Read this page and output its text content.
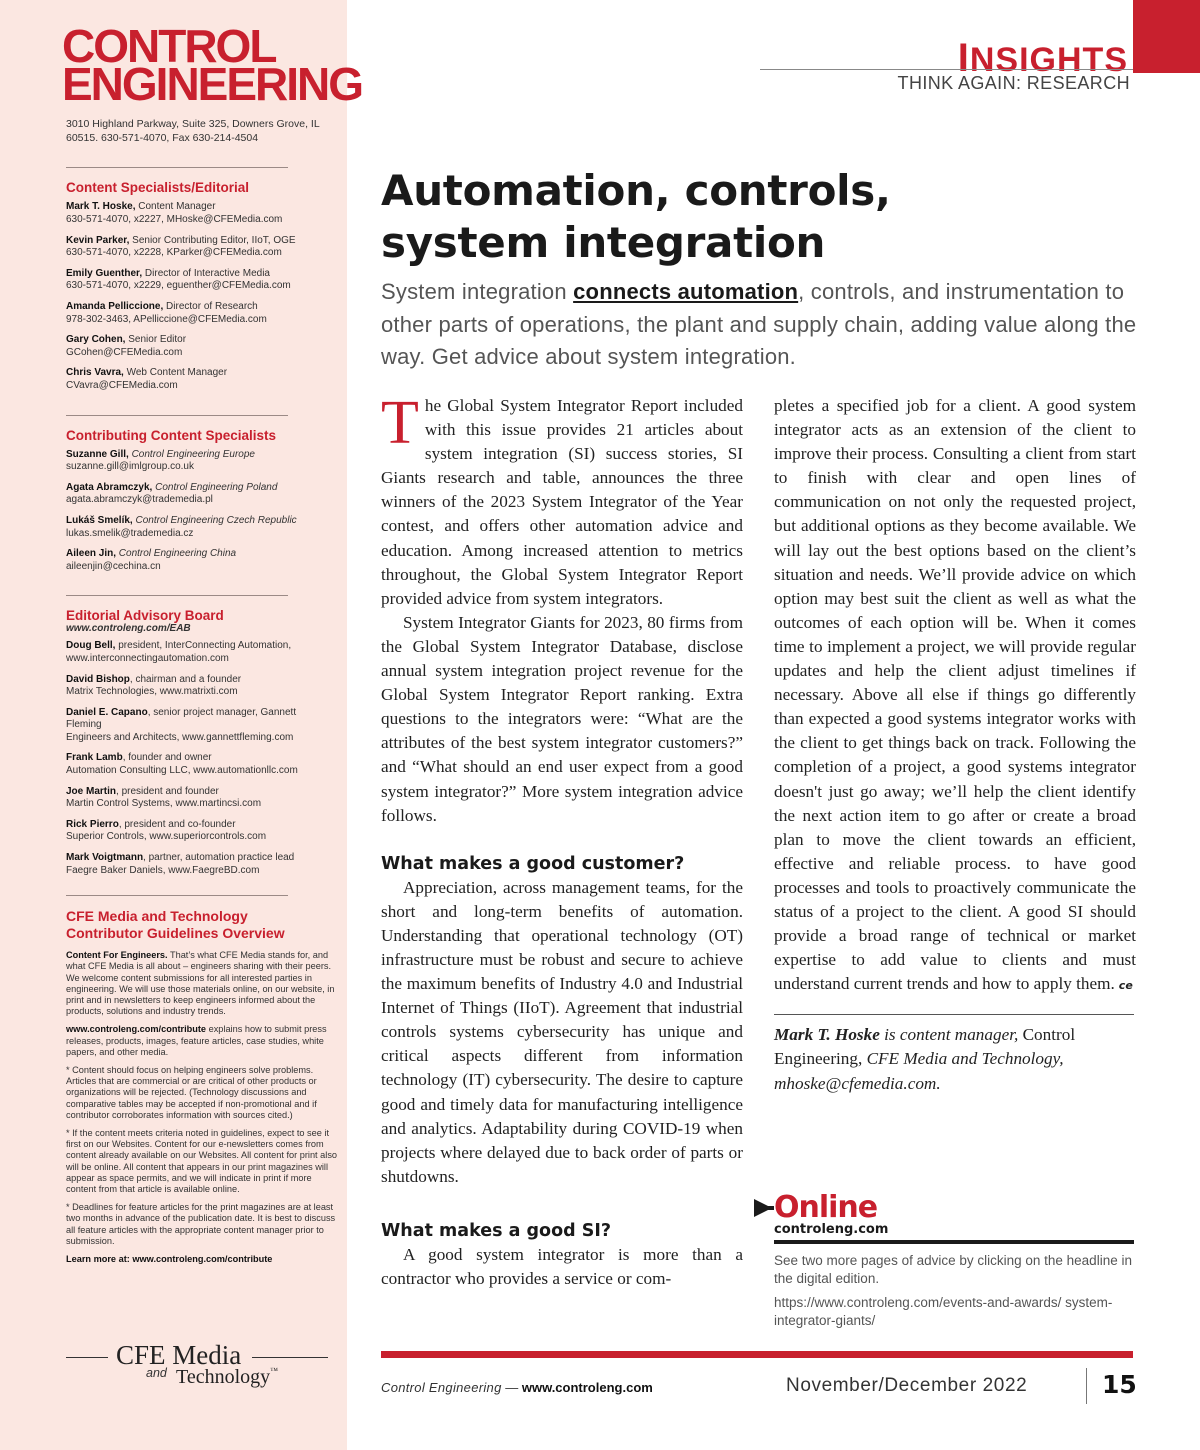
CONTROL
ENGINEERING
3010 Highland Parkway, Suite 325, Downers Grove, IL 60515. 630-571-4070, Fax 630-214-4504
Content Specialists/Editorial
Mark T. Hoske, Content Manager
630-571-4070, x2227, MHoske@CFEMedia.com
Kevin Parker, Senior Contributing Editor, IIoT, OGE
630-571-4070, x2228, KParker@CFEMedia.com
Emily Guenther, Director of Interactive Media
630-571-4070, x2229, eguenther@CFEMedia.com
Amanda Pelliccione, Director of Research
978-302-3463, APelliccione@CFEMedia.com
Gary Cohen, Senior Editor
GCohen@CFEMedia.com
Chris Vavra, Web Content Manager
CVavra@CFEMedia.com
Contributing Content Specialists
Suzanne Gill, Control Engineering Europe
suzanne.gill@imlgroup.co.uk
Agata Abramczyk, Control Engineering Poland
agata.abramczyk@trademedia.pl
Lukáš Smelík, Control Engineering Czech Republic
lukas.smelik@trademedia.cz
Aileen Jin, Control Engineering China
aileenjin@cechina.cn
Editorial Advisory Board
www.controleng.com/EAB
Doug Bell, president, InterConnecting Automation,
www.interconnectingautomation.com
David Bishop, chairman and a founder
Matrix Technologies, www.matrixti.com
Daniel E. Capano, senior project manager, Gannett Fleming
Engineers and Architects, www.gannettfleming.com
Frank Lamb, founder and owner
Automation Consulting LLC, www.automationllc.com
Joe Martin, president and founder
Martin Control Systems, www.martincsi.com
Rick Pierro, president and co-founder
Superior Controls, www.superiorcontrols.com
Mark Voigtmann, partner, automation practice lead
Faegre Baker Daniels, www.FaegreBD.com
CFE Media and Technology
Contributor Guidelines Overview
Content For Engineers. That’s what CFE Media stands for, and what CFE Media is all about – engineers sharing with their peers. We welcome content submissions for all interested parties in engineering. We will use those materials online, on our website, in print and in newsletters to keep engineers informed about the products, solutions and industry trends.
www.controleng.com/contribute explains how to submit press releases, products, images, feature articles, case studies, white papers, and other media.
* Content should focus on helping engineers solve problems. Articles that are commercial or are critical of other products or organizations will be rejected. (Technology discussions and comparative tables may be accepted if non-promotional and if contributor corroborates information with sources cited.)
* If the content meets criteria noted in guidelines, expect to see it first on our Websites. Content for our e-newsletters comes from content already available on our Websites. All content for print also will be online. All content that appears in our print magazines will appear as space permits, and we will indicate in print if more content from that article is available online.
* Deadlines for feature articles for the print magazines are at least two months in advance of the publication date. It is best to discuss all feature articles with the appropriate content manager prior to submission.
Learn more at: www.controleng.com/contribute
CFE Media
and Technology™
INSIGHTS
THINK AGAIN: RESEARCH
Automation, controls,
system integration
System integration connects automation, controls, and instrumentation to other parts of operations, the plant and supply chain, adding value along the way. Get advice about system integration.

The Global System Integrator Report included with this issue provides 21 articles about system integration (SI) success stories, SI Giants research and table, announces the three winners of the 2023 System Integrator of the Year contest, and offers other automation advice and education. Among increased attention to metrics throughout, the Global System Integrator Report provided advice from system integrators.

System Integrator Giants for 2023, 80 firms from the Global System Integrator Database, disclose annual system integration project revenue for the Global System Integrator Report ranking. Extra questions to the integrators were: “What are the attributes of the best system integrator customers?” and “What should an end user expect from a good system integrator?” More system integration advice follows.

What makes a good customer?

Appreciation, across management teams, for the short and long-term benefits of automation. Understanding that operational technology (OT) infrastructure must be robust and secure to achieve the maximum benefits of Industry 4.0 and Industrial Internet of Things (IIoT). Agreement that industrial controls systems cybersecurity has unique and critical aspects different from information technology (IT) cybersecurity. The desire to capture good and timely data for manufacturing intelligence and analytics. Adaptability during COVID-19 when projects where delayed due to back order of parts or shutdowns.

What makes a good SI?

A good system integrator is more than a contractor who provides a service or com-

pletes a specified job for a client. A good system integrator acts as an extension of the client to improve their process. Consulting a client from start to finish with clear and open lines of communication on not only the requested project, but additional options as they become available. We will lay out the best options based on the client’s situation and needs. We’ll provide advice on which option may best suit the client as well as what the outcomes of each option will be. When it comes time to implement a project, we will provide regular updates and help the client adjust timelines if necessary. Above all else if things go differently than expected a good systems integrator works with the client to get things back on track. Following the completion of a project, a good systems integrator doesn't just go away; we’ll help the client identify the next action item to go after or create a broad plan to move the client towards an efficient, effective and reliable process. to have good processes and tools to proactively communicate the status of a project to the client. A good SI should provide a broad range of technical or market expertise to add value to clients and must understand current trends and how to apply them. ce

Mark T. Hoske is content manager, Control Engineering, CFE Media and Technology, mhoske@cfemedia.com.

Online
controleng.com
See two more pages of advice by clicking on the headline in the digital edition.
https://www.controleng.com/events-and-awards/ system-integrator-giants/
Control Engineering — www.controleng.com	November/December 2022	15
